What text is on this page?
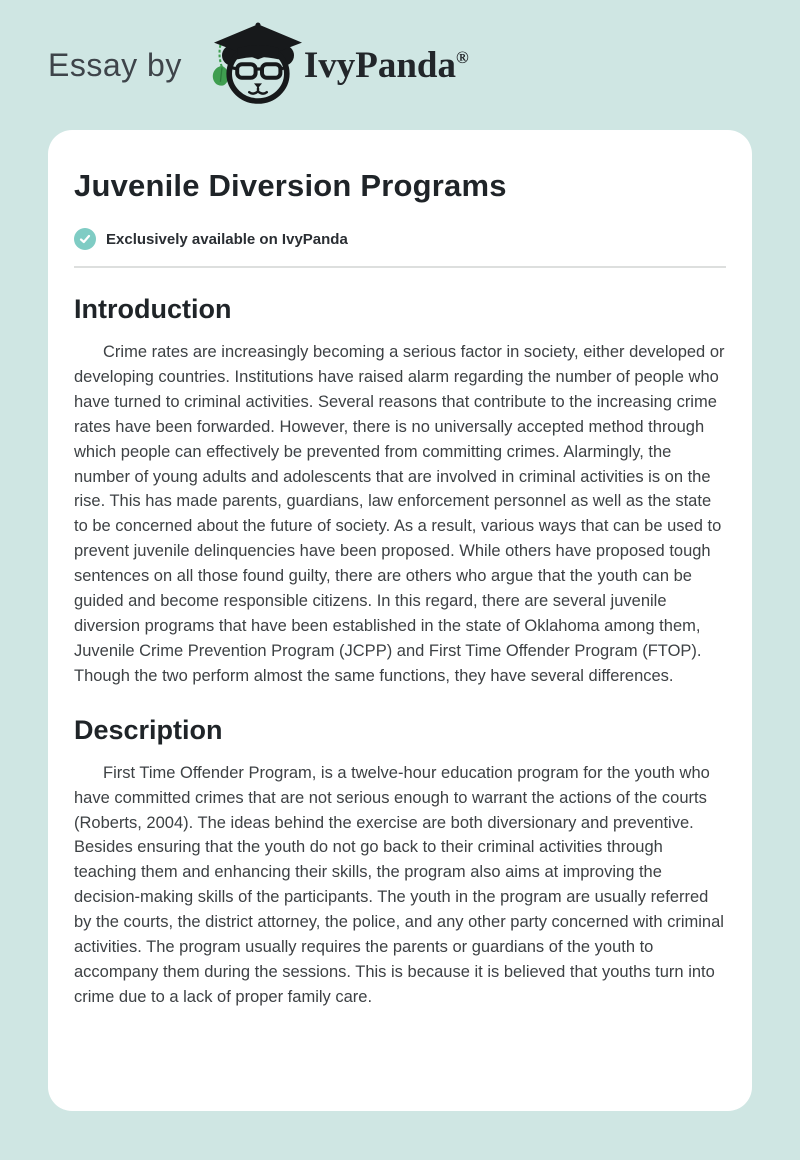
Essay by	IvyPanda®
Juvenile Diversion Programs
Exclusively available on IvyPanda
Introduction

Crime rates are increasingly becoming a serious factor in society, either developed or developing countries. Institutions have raised alarm regarding the number of people who have turned to criminal activities. Several reasons that contribute to the increasing crime rates have been forwarded. However, there is no universally accepted method through which people can effectively be prevented from committing crimes. Alarmingly, the number of young adults and adolescents that are involved in criminal activities is on the rise. This has made parents, guardians, law enforcement personnel as well as the state to be concerned about the future of society. As a result, various ways that can be used to prevent juvenile delinquencies have been proposed. While others have proposed tough sentences on all those found guilty, there are others who argue that the youth can be guided and become responsible citizens. In this regard, there are several juvenile diversion programs that have been established in the state of Oklahoma among them, Juvenile Crime Prevention Program (JCPP) and First Time Offender Program (FTOP). Though the two perform almost the same functions, they have several differences.

Description

First Time Offender Program, is a twelve-hour education program for the youth who have committed crimes that are not serious enough to warrant the actions of the courts (Roberts, 2004). The ideas behind the exercise are both diversionary and preventive. Besides ensuring that the youth do not go back to their criminal activities through teaching them and enhancing their skills, the program also aims at improving the decision-making skills of the participants. The youth in the program are usually referred by the courts, the district attorney, the police, and any other party concerned with criminal activities. The program usually requires the parents or guardians of the youth to accompany them during the sessions. This is because it is believed that youths turn into crime due to a lack of proper family care.
